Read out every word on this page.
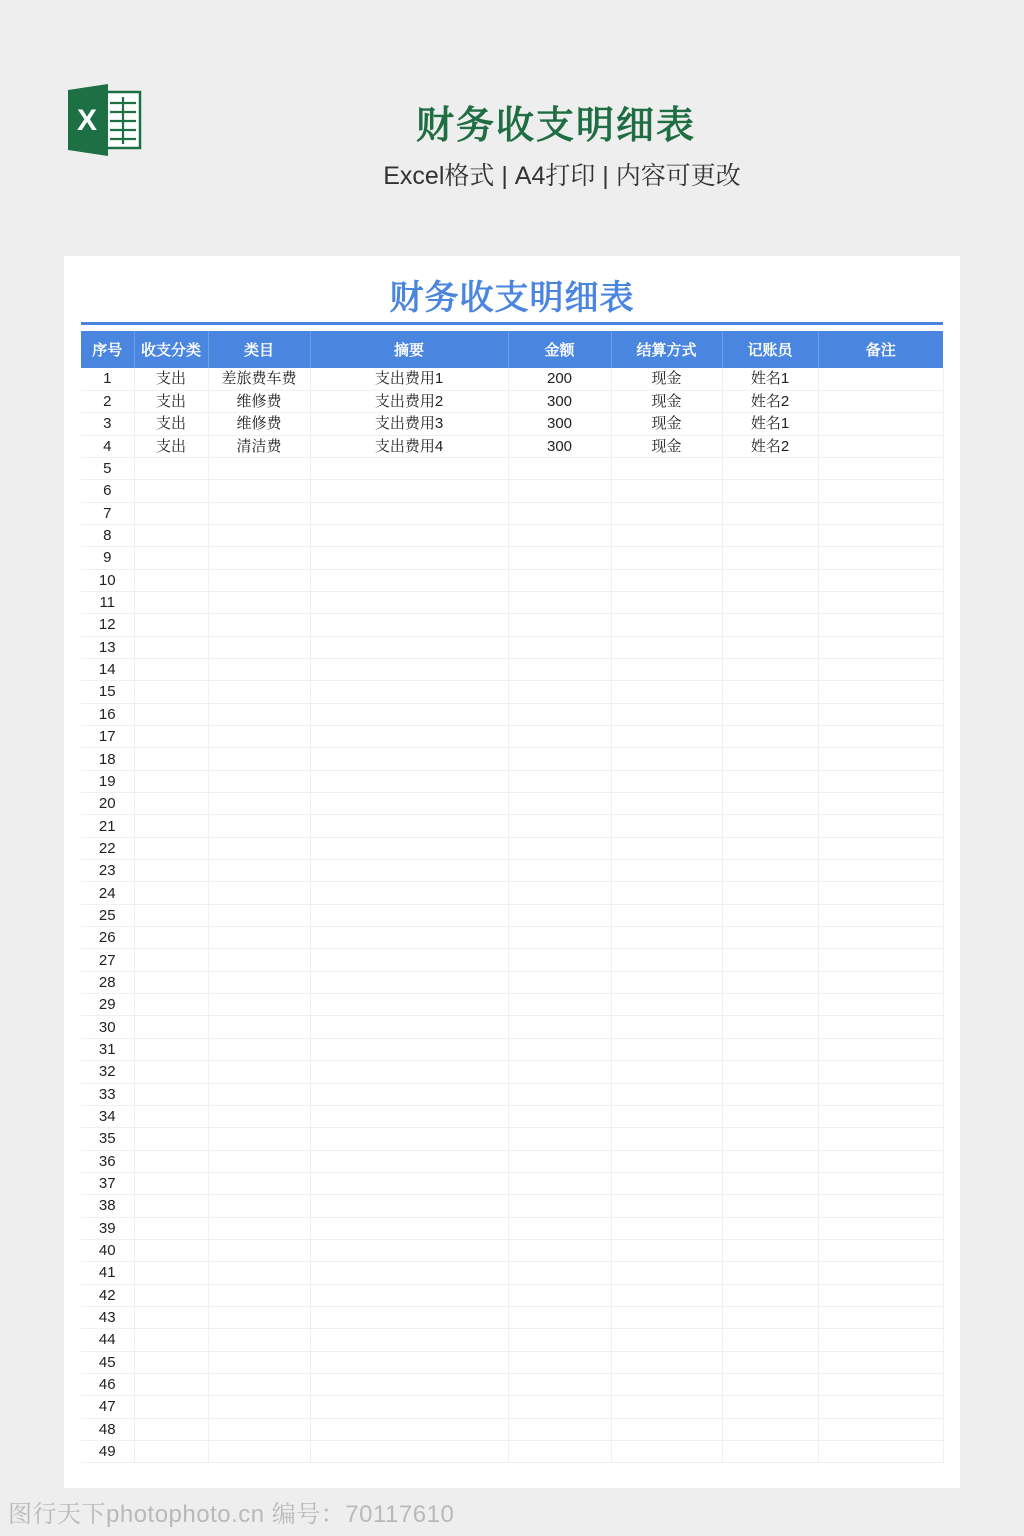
X	财务收支明细表
Excel格式 | A4打印 | 内容可更改
财务收支明细表
序号	收支分类	类目	摘要	金额	结算方式	记账员	备注
1	支出	差旅费车费	支出费用1	200	现金	姓名1	
2	支出	维修费	支出费用2	300	现金	姓名2	
3	支出	维修费	支出费用3	300	现金	姓名1	
4	支出	清洁费	支出费用4	300	现金	姓名2	
5							
6							
7							
8							
9							
10							
11							
12							
13							
14							
15							
16							
17							
18							
19							
20							
21							
22							
23							
24							
25							
26							
27							
28							
29							
30							
31							
32							
33							
34							
35							
36							
37							
38							
39							
40							
41							
42							
43							
44							
45							
46							
47							
48							
49							
图行天下photophoto.cn 编号：70117610
